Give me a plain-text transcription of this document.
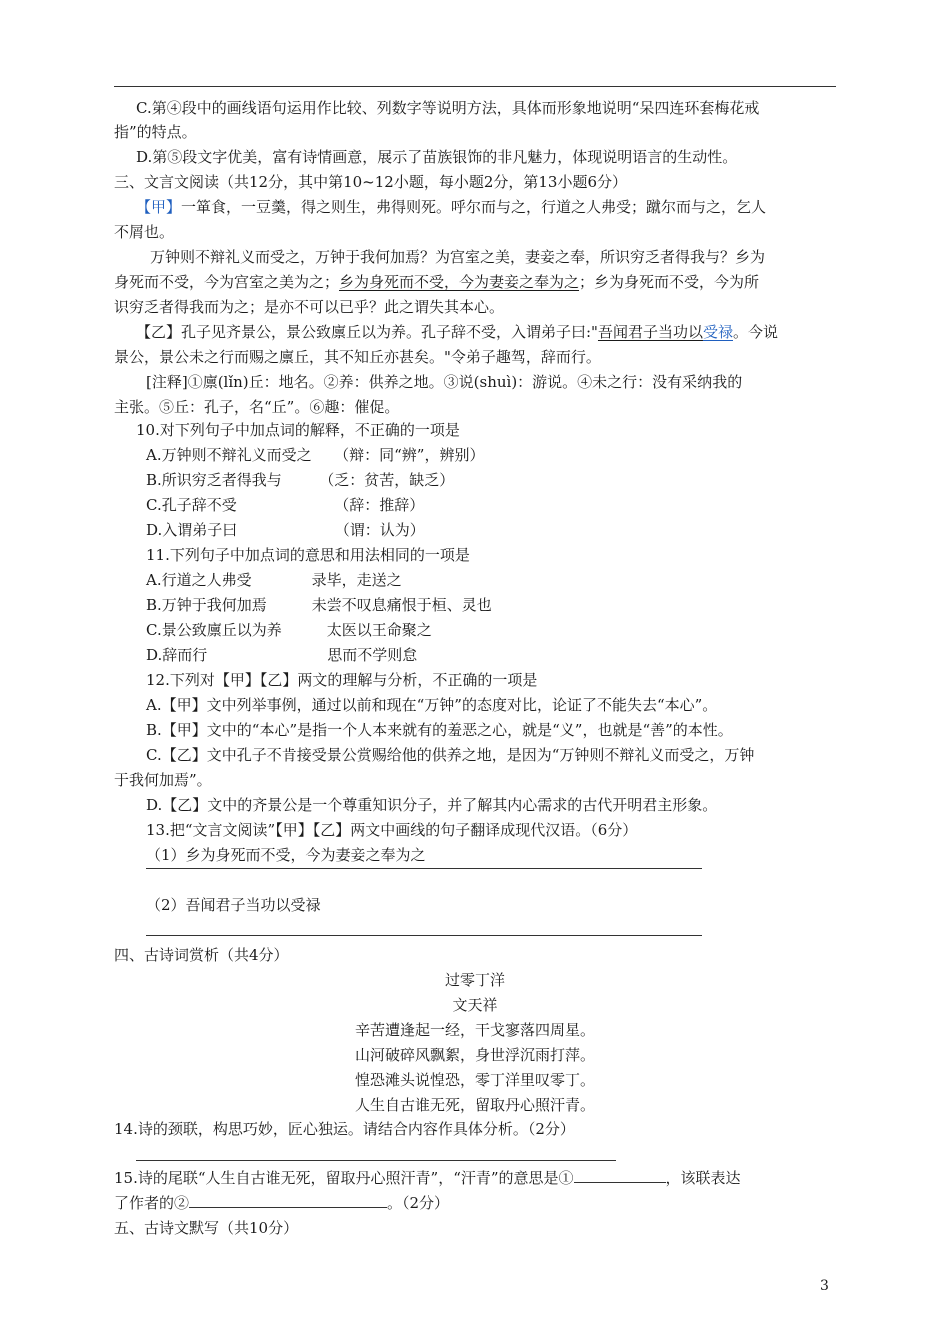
C.第④段中的画线语句运用作比较、列数字等说明方法，具体而形象地说明“呆四连环套梅花戒
指”的特点。
D.第⑤段文字优美，富有诗情画意，展示了苗族银饰的非凡魅力，体现说明语言的生动性。
三、文言文阅读（共12分，其中第10~12小题，每小题2分，第13小题6分）
【甲】一箪食，一豆羹，得之则生，弗得则死。呼尔而与之，行道之人弗受；蹴尔而与之，乞人
不屑也。
万钟则不辩礼义而受之，万钟于我何加焉？为宫室之美，妻妾之奉，所识穷乏者得我与？乡为
身死而不受，今为宫室之美为之；乡为身死而不受，今为妻妾之奉为之；乡为身死而不受，今为所
识穷乏者得我而为之；是亦不可以已乎？此之谓失其本心。
【乙】孔子见齐景公，景公致廪丘以为养。孔子辞不受，入谓弟子曰:"吾闻君子当功以受禄。今说
景公，景公未之行而赐之廪丘，其不知丘亦甚矣。"令弟子趣驾，辞而行。
[注释]①廪(lǐn)丘：地名。②养：供养之地。③说(shuì)：游说。④未之行：没有采纳我的
主张。⑤丘：孔子，名“丘”。⑥趣：催促。
10.对下列句子中加点词的解释，不正确的一项是
A.万钟则不辩礼义而受之　　（辩：同“辨”，辨别）
B.所识穷乏者得我与　　　（乏：贫苦，缺乏）
C.孔子辞不受　　　　　　　（辞：推辞）
D.入谓弟子曰　　　　　　　（谓：认为）
11.下列句子中加点词的意思和用法相同的一项是
A.行道之人弗受　　　　录毕，走送之
B.万钟于我何加焉　　　未尝不叹息痛恨于桓、灵也
C.景公致廪丘以为养　　　太医以王命聚之
D.辞而行　　　　　　　　思而不学则怠
12.下列对【甲】【乙】两文的理解与分析，不正确的一项是
A.【甲】文中列举事例，通过以前和现在“万钟”的态度对比，论证了不能失去“本心”。
B.【甲】文中的“本心”是指一个人本来就有的羞恶之心，就是“义”，也就是“善”的本性。
C.【乙】文中孔子不肯接受景公赏赐给他的供养之地，是因为“万钟则不辩礼义而受之，万钟
于我何加焉”。
D.【乙】文中的齐景公是一个尊重知识分子，并了解其内心需求的古代开明君主形象。
13.把“文言文阅读”【甲】【乙】两文中画线的句子翻译成现代汉语。（6分）
（1）乡为身死而不受，今为妻妾之奉为之
（2）吾闻君子当功以受禄
四、古诗词赏析（共4分）
过零丁洋
文天祥
辛苦遭逢起一经，干戈寥落四周星。
山河破碎风飘絮，身世浮沉雨打萍。
惶恐滩头说惶恐，零丁洋里叹零丁。
人生自古谁无死，留取丹心照汗青。
14.诗的颈联，构思巧妙，匠心独运。请结合内容作具体分析。（2分）
15.诗的尾联“人生自古谁无死，留取丹心照汗青”，“汗青”的意思是①	，该联表达
了作者的②	。（2分）
五、古诗文默写（共10分）
3
